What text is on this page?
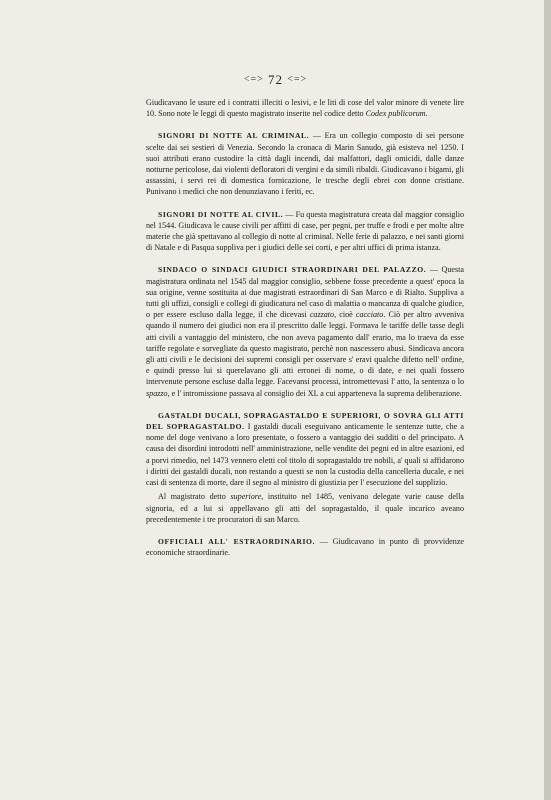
<=> 72 <=>

Giudicavano le usure ed i contratti illeciti o lesivi, e le liti di cose del valor minore di venete lire 10. Sono note le leggi di questo magistrato inserite nel codice detto Codex publicorum.

SIGNORI DI NOTTE AL CRIMINAL. — Era un collegio composto di sei persone scelte dai sei sestieri di Venezia. Secondo la cronaca di Marin Sanudo, già esisteva nel 1250. I suoi attributi erano custodire la città dagli incendi, dai malfattori, dagli omicidi, dalle danze notturne pericolose, dai violenti defloratori di vergini e da simili ribaldi. Giudicavano i bigami, gli assassini, i servi rei di domestica fornicazione, le tresche degli ebrei con donne cristiane. Punivano i medici che non denunziavano i feriti, ec.

SIGNORI DI NOTTE AL CIVIL. — Fu questa magistratura creata dal maggior consiglio nel 1544. Giudicava le cause civili per affitti di case, per pegni, per truffe e frodi e per molte altre materie che già spettavano al collegio di notte al criminal. Nelle ferie di palazzo, e nei santi giorni di Natale e di Pasqua suppliva per i giudici delle sei corti, e per altri uffici di prima istanza.

SINDACO O SINDACI GIUDICI STRAORDINARI DEL PALAZZO. — Questa magistratura ordinata nel 1545 dal maggior consiglio, sebbene fosse precedente a quest' epoca la sua origine, venne sostituita ai due magistrati estraordinari di San Marco e di Rialto. Suppliva a tutti gli uffizi, consigli e collegi di giudicatura nel caso di malattia o mancanza di qualche giudice, o per essere escluso dalla legge, il che dicevasi cazzato, cioè cacciato. Ciò per altro avveniva quando il numero dei giudici non era il prescritto dalle leggi. Formava le tariffe delle tasse degli atti civili a vantaggio del ministero, che non aveva pagamento dall' erario, ma lo traeva da esse tariffe regolate e sorvegliate da questo magistrato, perchè non nascessero abusi. Sindicava ancora gli atti civili e le decisioni dei supremi consigli per osservare s' eravi qualche difetto nell' ordine, e quindi presso lui si querelavano gli atti erronei di nome, o di date, e nei quali fossero intervenute persone escluse dalla legge. Facevansi processi, intromettevasi l' atto, la sentenza o lo spazzo, e l' intromissione passava al consiglio dei XL a cui apparteneva la suprema deliberazione.

GASTALDI DUCALI, SOPRAGASTALDO E SUPERIORI, O SOVRA GLI ATTI DEL SOPRAGASTALDO. I gastaldi ducali eseguivano anticamente le sentenze tutte, che a nome del doge venivano a loro presentate, o fossero a vantaggio dei sudditi o del principato. A causa dei disordini introdotti nell' amministrazione, nelle vendite dei pegni ed in altre esazioni, ed a porvi rimedio, nel 1473 vennero eletti col titolo di sopragastaldo tre nobili, a' quali si affidarono i diritti dei gastaldi ducali, non restando a questi se non la custodia della cancelleria ducale, e nei casi di sentenza di morte, dare il segno al ministro di giustizia per l' esecuzione del supplizio.

Al magistrato detto superiore, instituito nel 1485, venivano delegate varie cause della signoria, ed a lui si appellavano gli atti del sopragastaldo, il quale incarico aveano precedentemente i tre procuratori di san Marco.

OFFICIALI ALL' ESTRAORDINARIO. — Giudicavano in punto di provvidenze economiche straordinarie.
